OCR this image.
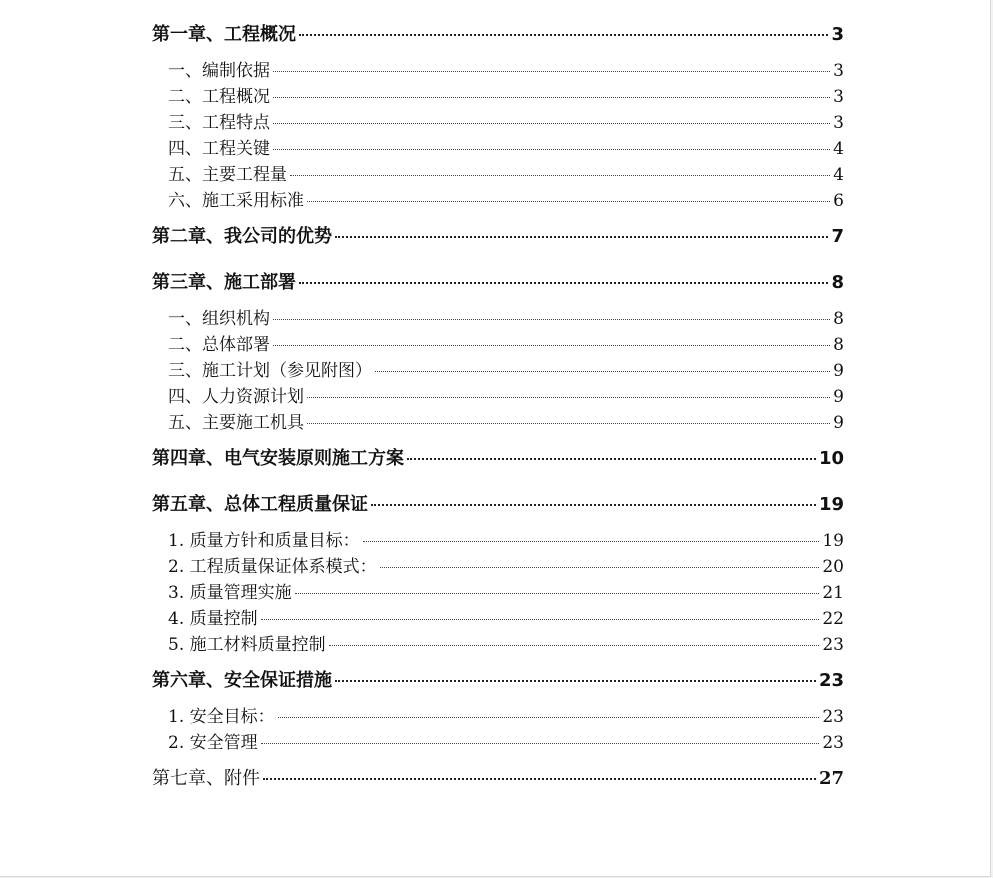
第一章、工程概况	3
一、编制依据	3
二、工程概况	3
三、工程特点	3
四、工程关键	4
五、主要工程量	4
六、施工采用标准	6
第二章、我公司的优势	7
第三章、施工部署	8
一、组织机构	8
二、总体部署	8
三、施工计划（参见附图）	9
四、人力资源计划	9
五、主要施工机具	9
第四章、电气安装原则施工方案	10
第五章、总体工程质量保证	19
1. 质量方针和质量目标：	19
2. 工程质量保证体系模式：	20
3. 质量管理实施	21
4. 质量控制	22
5. 施工材料质量控制	23
第六章、安全保证措施	23
1. 安全目标：	23
2. 安全管理	23
第七章、附件	27
